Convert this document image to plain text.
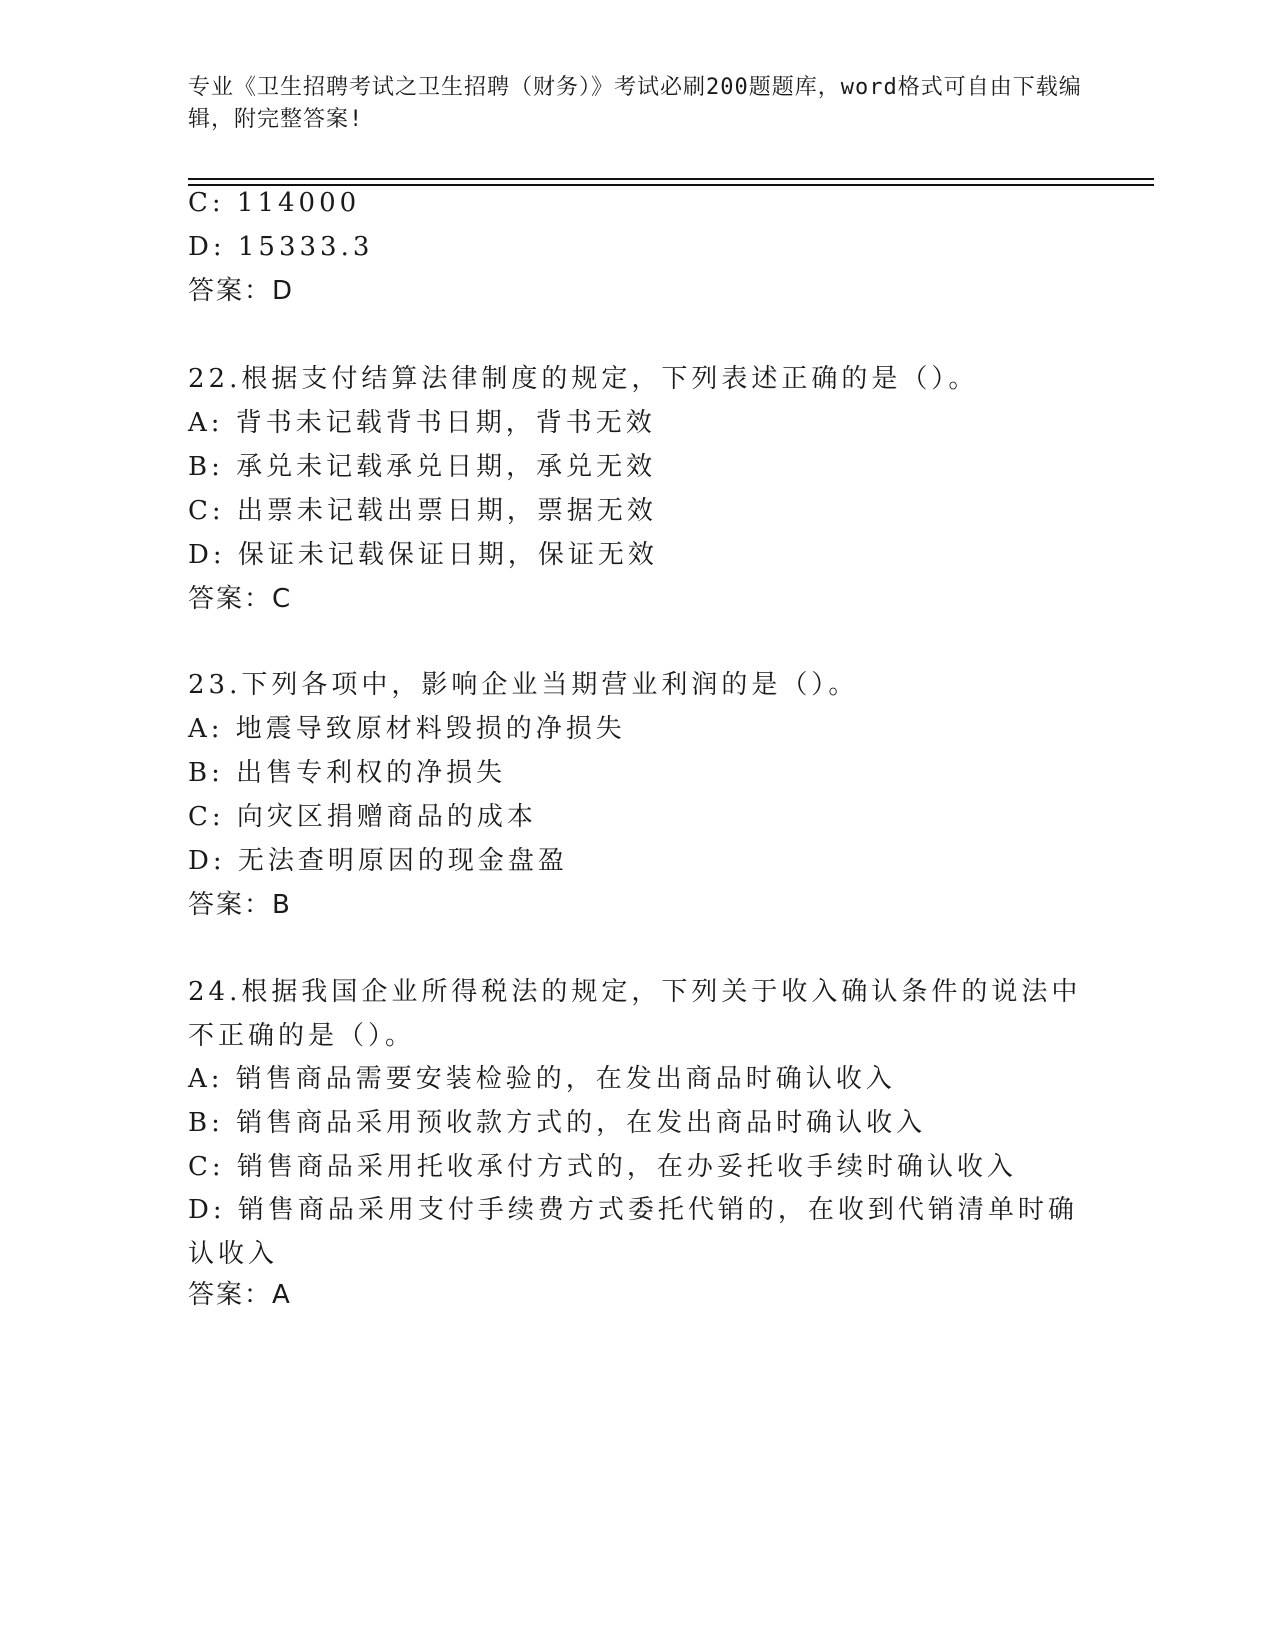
专业《卫生招聘考试之卫生招聘（财务）》考试必刷200题题库，word格式可自由下载编辑，附完整答案!
C: 114000
D: 15333.3
答案：D
22.根据支付结算法律制度的规定，下列表述正确的是（）。
A: 背书未记载背书日期，背书无效
B: 承兑未记载承兑日期，承兑无效
C: 出票未记载出票日期，票据无效
D: 保证未记载保证日期，保证无效
答案：C
23.下列各项中，影响企业当期营业利润的是（）。
A: 地震导致原材料毁损的净损失
B: 出售专利权的净损失
C: 向灾区捐赠商品的成本
D: 无法查明原因的现金盘盈
答案：B
24.根据我国企业所得税法的规定，下列关于收入确认条件的说法中不正确的是（）。
A: 销售商品需要安装检验的，在发出商品时确认收入
B: 销售商品采用预收款方式的，在发出商品时确认收入
C: 销售商品采用托收承付方式的，在办妥托收手续时确认收入
D: 销售商品采用支付手续费方式委托代销的，在收到代销清单时确认收入
答案：A
